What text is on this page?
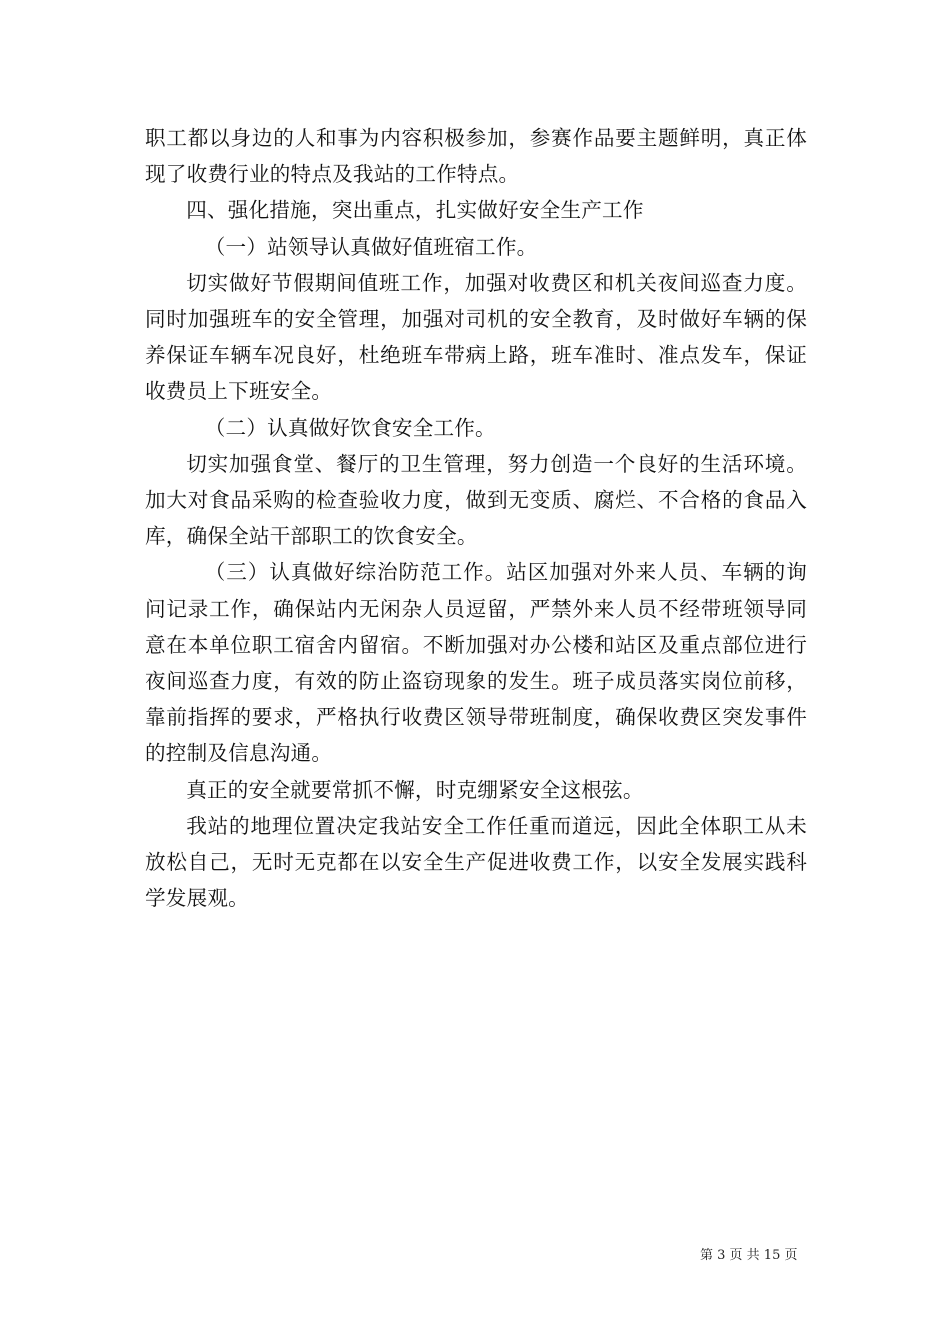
职工都以身边的人和事为内容积极参加，参赛作品要主题鲜明，真正体现了收费行业的特点及我站的工作特点。

四、强化措施，突出重点，扎实做好安全生产工作

（一）站领导认真做好值班宿工作。

切实做好节假期间值班工作，加强对收费区和机关夜间巡查力度。同时加强班车的安全管理，加强对司机的安全教育，及时做好车辆的保养保证车辆车况良好，杜绝班车带病上路，班车准时、准点发车，保证收费员上下班安全。

（二）认真做好饮食安全工作。

切实加强食堂、餐厅的卫生管理，努力创造一个良好的生活环境。加大对食品采购的检查验收力度，做到无变质、腐烂、不合格的食品入库，确保全站干部职工的饮食安全。

（三）认真做好综治防范工作。站区加强对外来人员、车辆的询问记录工作，确保站内无闲杂人员逗留，严禁外来人员不经带班领导同意在本单位职工宿舍内留宿。不断加强对办公楼和站区及重点部位进行夜间巡查力度，有效的防止盗窃现象的发生。班子成员落实岗位前移，靠前指挥的要求，严格执行收费区领导带班制度，确保收费区突发事件的控制及信息沟通。

真正的安全就要常抓不懈，时克绷紧安全这根弦。

我站的地理位置决定我站安全工作任重而道远，因此全体职工从未放松自己，无时无克都在以安全生产促进收费工作，以安全发展实践科学发展观。

第 3 页 共 15 页
